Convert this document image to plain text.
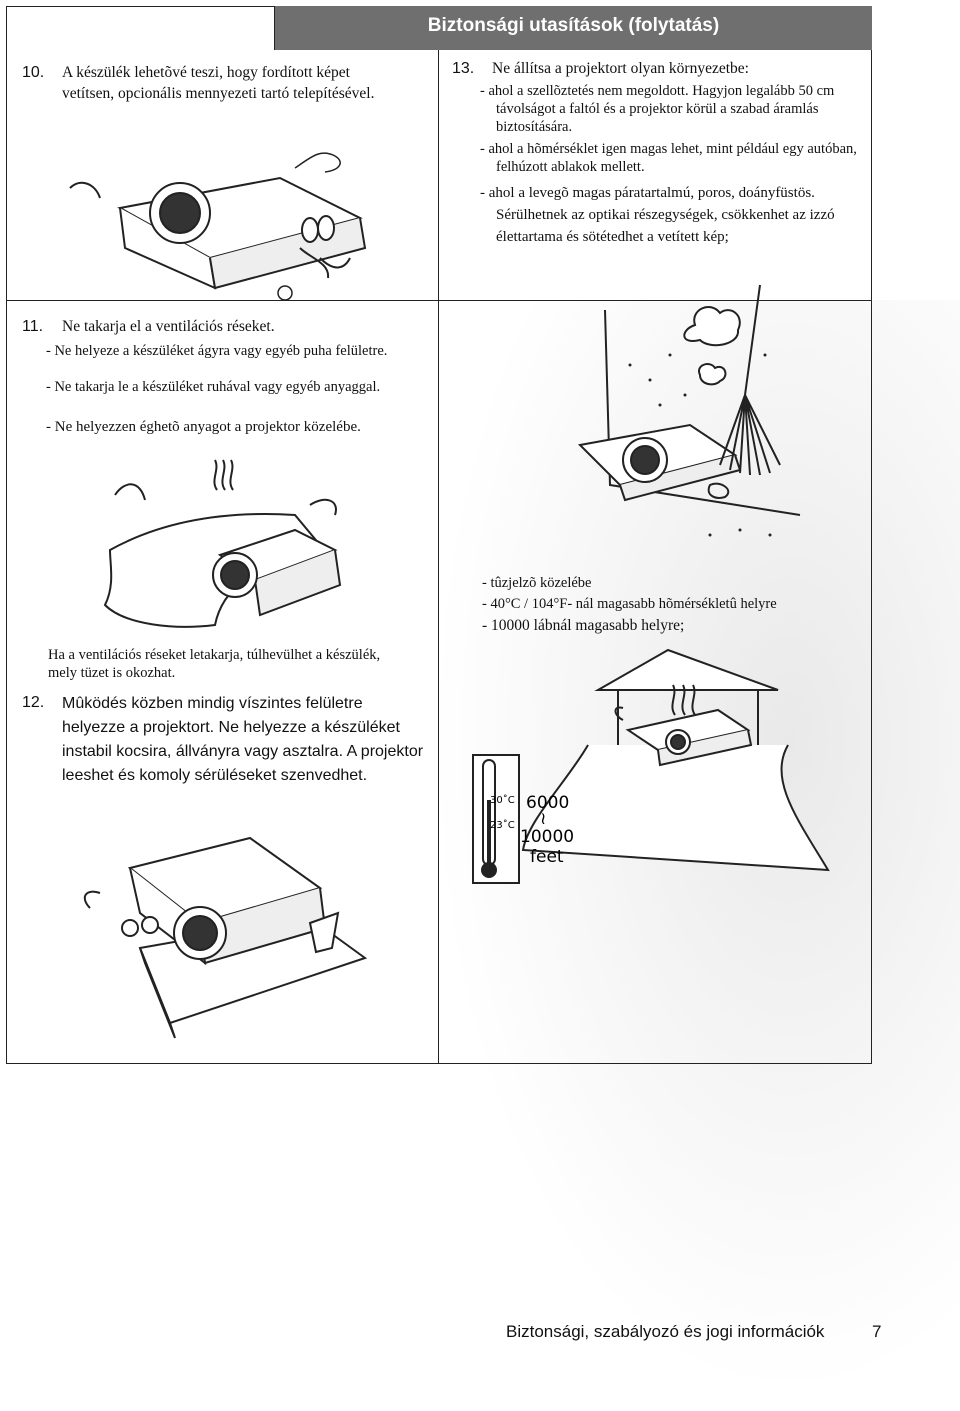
Biztonsági utasítások (folytatás)
10. A készülék lehetõvé teszi, hogy fordított képet vetítsen, opcionális mennyezeti tartó telepítésével.
13. Ne állítsa a projektort olyan környezetbe:
- ahol a szellõztetés nem megoldott. Hagyjon legalább 50 cm távolságot a faltól és a projektor körül a szabad áramlás biztosítására.
- ahol a hõmérséklet igen magas lehet, mint például egy autóban, felhúzott ablakok mellett.
- ahol a levegõ magas páratartalmú, poros, doányfüstös. Sérülhetnek az optikai részegységek, csökkenhet az izzó élettartama és sötétedhet a vetített kép;
11. Ne takarja el a ventilációs réseket.
- Ne helyeze a készüléket ágyra vagy egyéb puha felületre.
- Ne takarja le a készüléket ruhával vagy egyéb anyaggal.
- Ne helyezzen éghetõ anyagot a projektor közelébe.
Ha a ventilációs réseket letakarja, túlhevülhet a készülék, mely tüzet is okozhat.
12. Mûködés közben mindig víszintes felületre helyezze a projektort. Ne helyezze a készüléket instabil kocsira, állványra vagy asztalra. A projektor leeshet és komoly sérüléseket szenvedhet.
- tûzjelzõ közelébe
- 40°C / 104°F- nál magasabb hõmérsékletû helyre
- 10000 lábnál magasabb helyre;
30˚C
23˚C
6000
≀
10000
feet
Biztonsági, szabályozó és jogi információk	7
